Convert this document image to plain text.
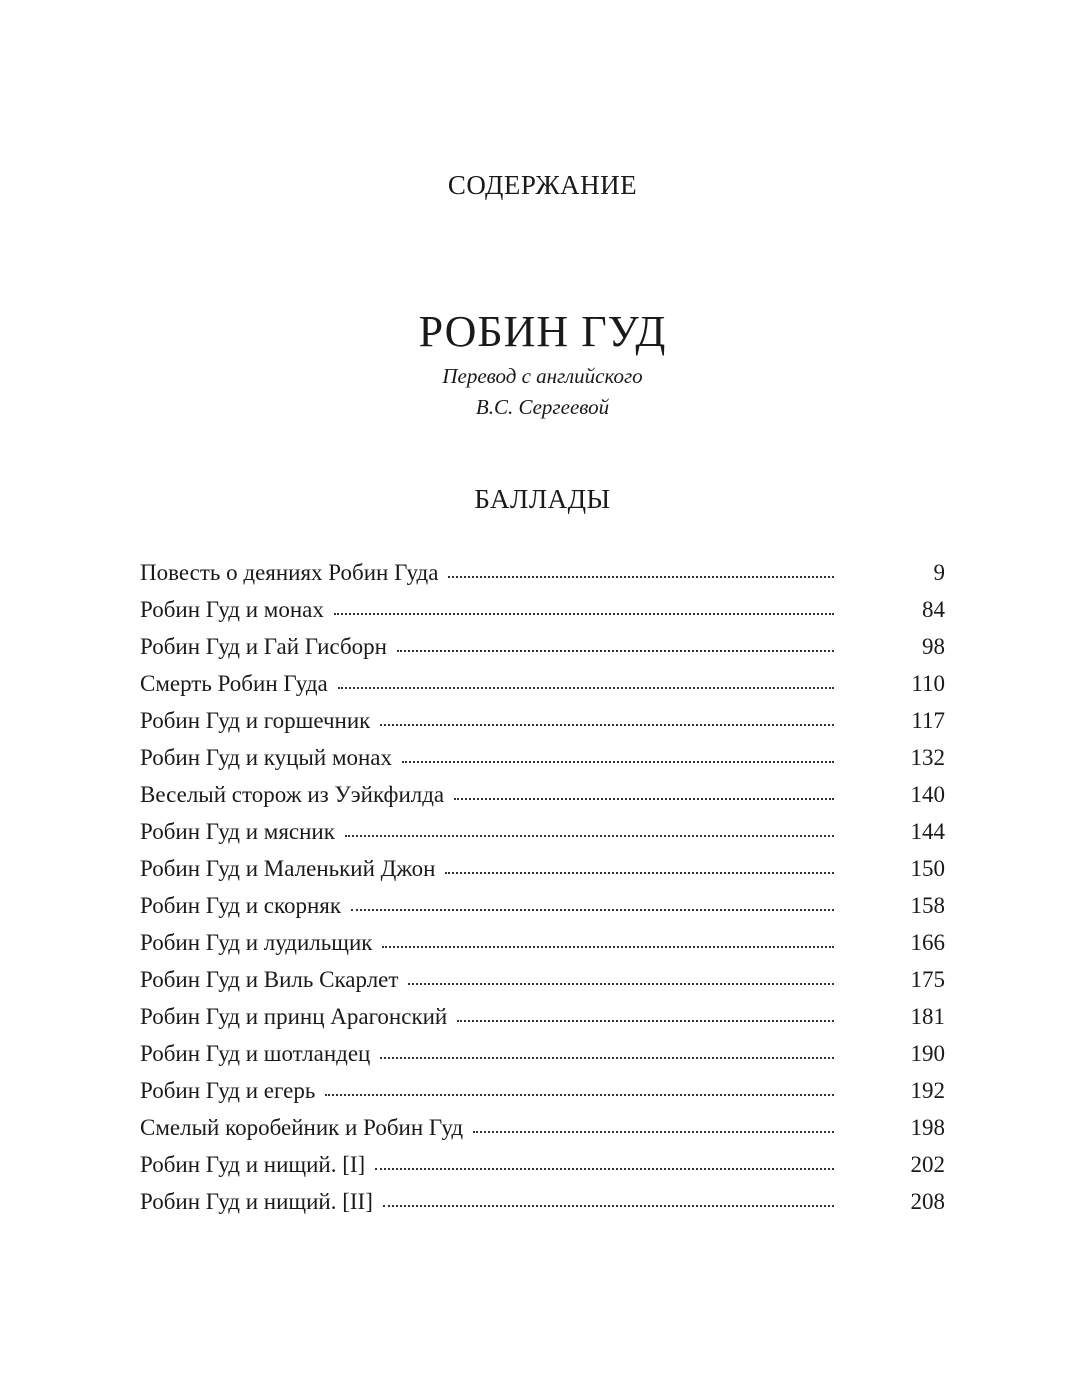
СОДЕРЖАНИЕ
РОБИН ГУД
Перевод с английского
В.С. Сергеевой
БАЛЛАДЫ
Повесть о деяниях Робин Гуда	9
Робин Гуд и монах	84
Робин Гуд и Гай Гисборн	98
Смерть Робин Гуда	110
Робин Гуд и горшечник	117
Робин Гуд и куцый монах	132
Веселый сторож из Уэйкфилда	140
Робин Гуд и мясник	144
Робин Гуд и Маленький Джон	150
Робин Гуд и скорняк	158
Робин Гуд и лудильщик	166
Робин Гуд и Виль Скарлет	175
Робин Гуд и принц Арагонский	181
Робин Гуд и шотландец	190
Робин Гуд и егерь	192
Смелый коробейник и Робин Гуд	198
Робин Гуд и нищий. [I]	202
Робин Гуд и нищий. [II]	208
